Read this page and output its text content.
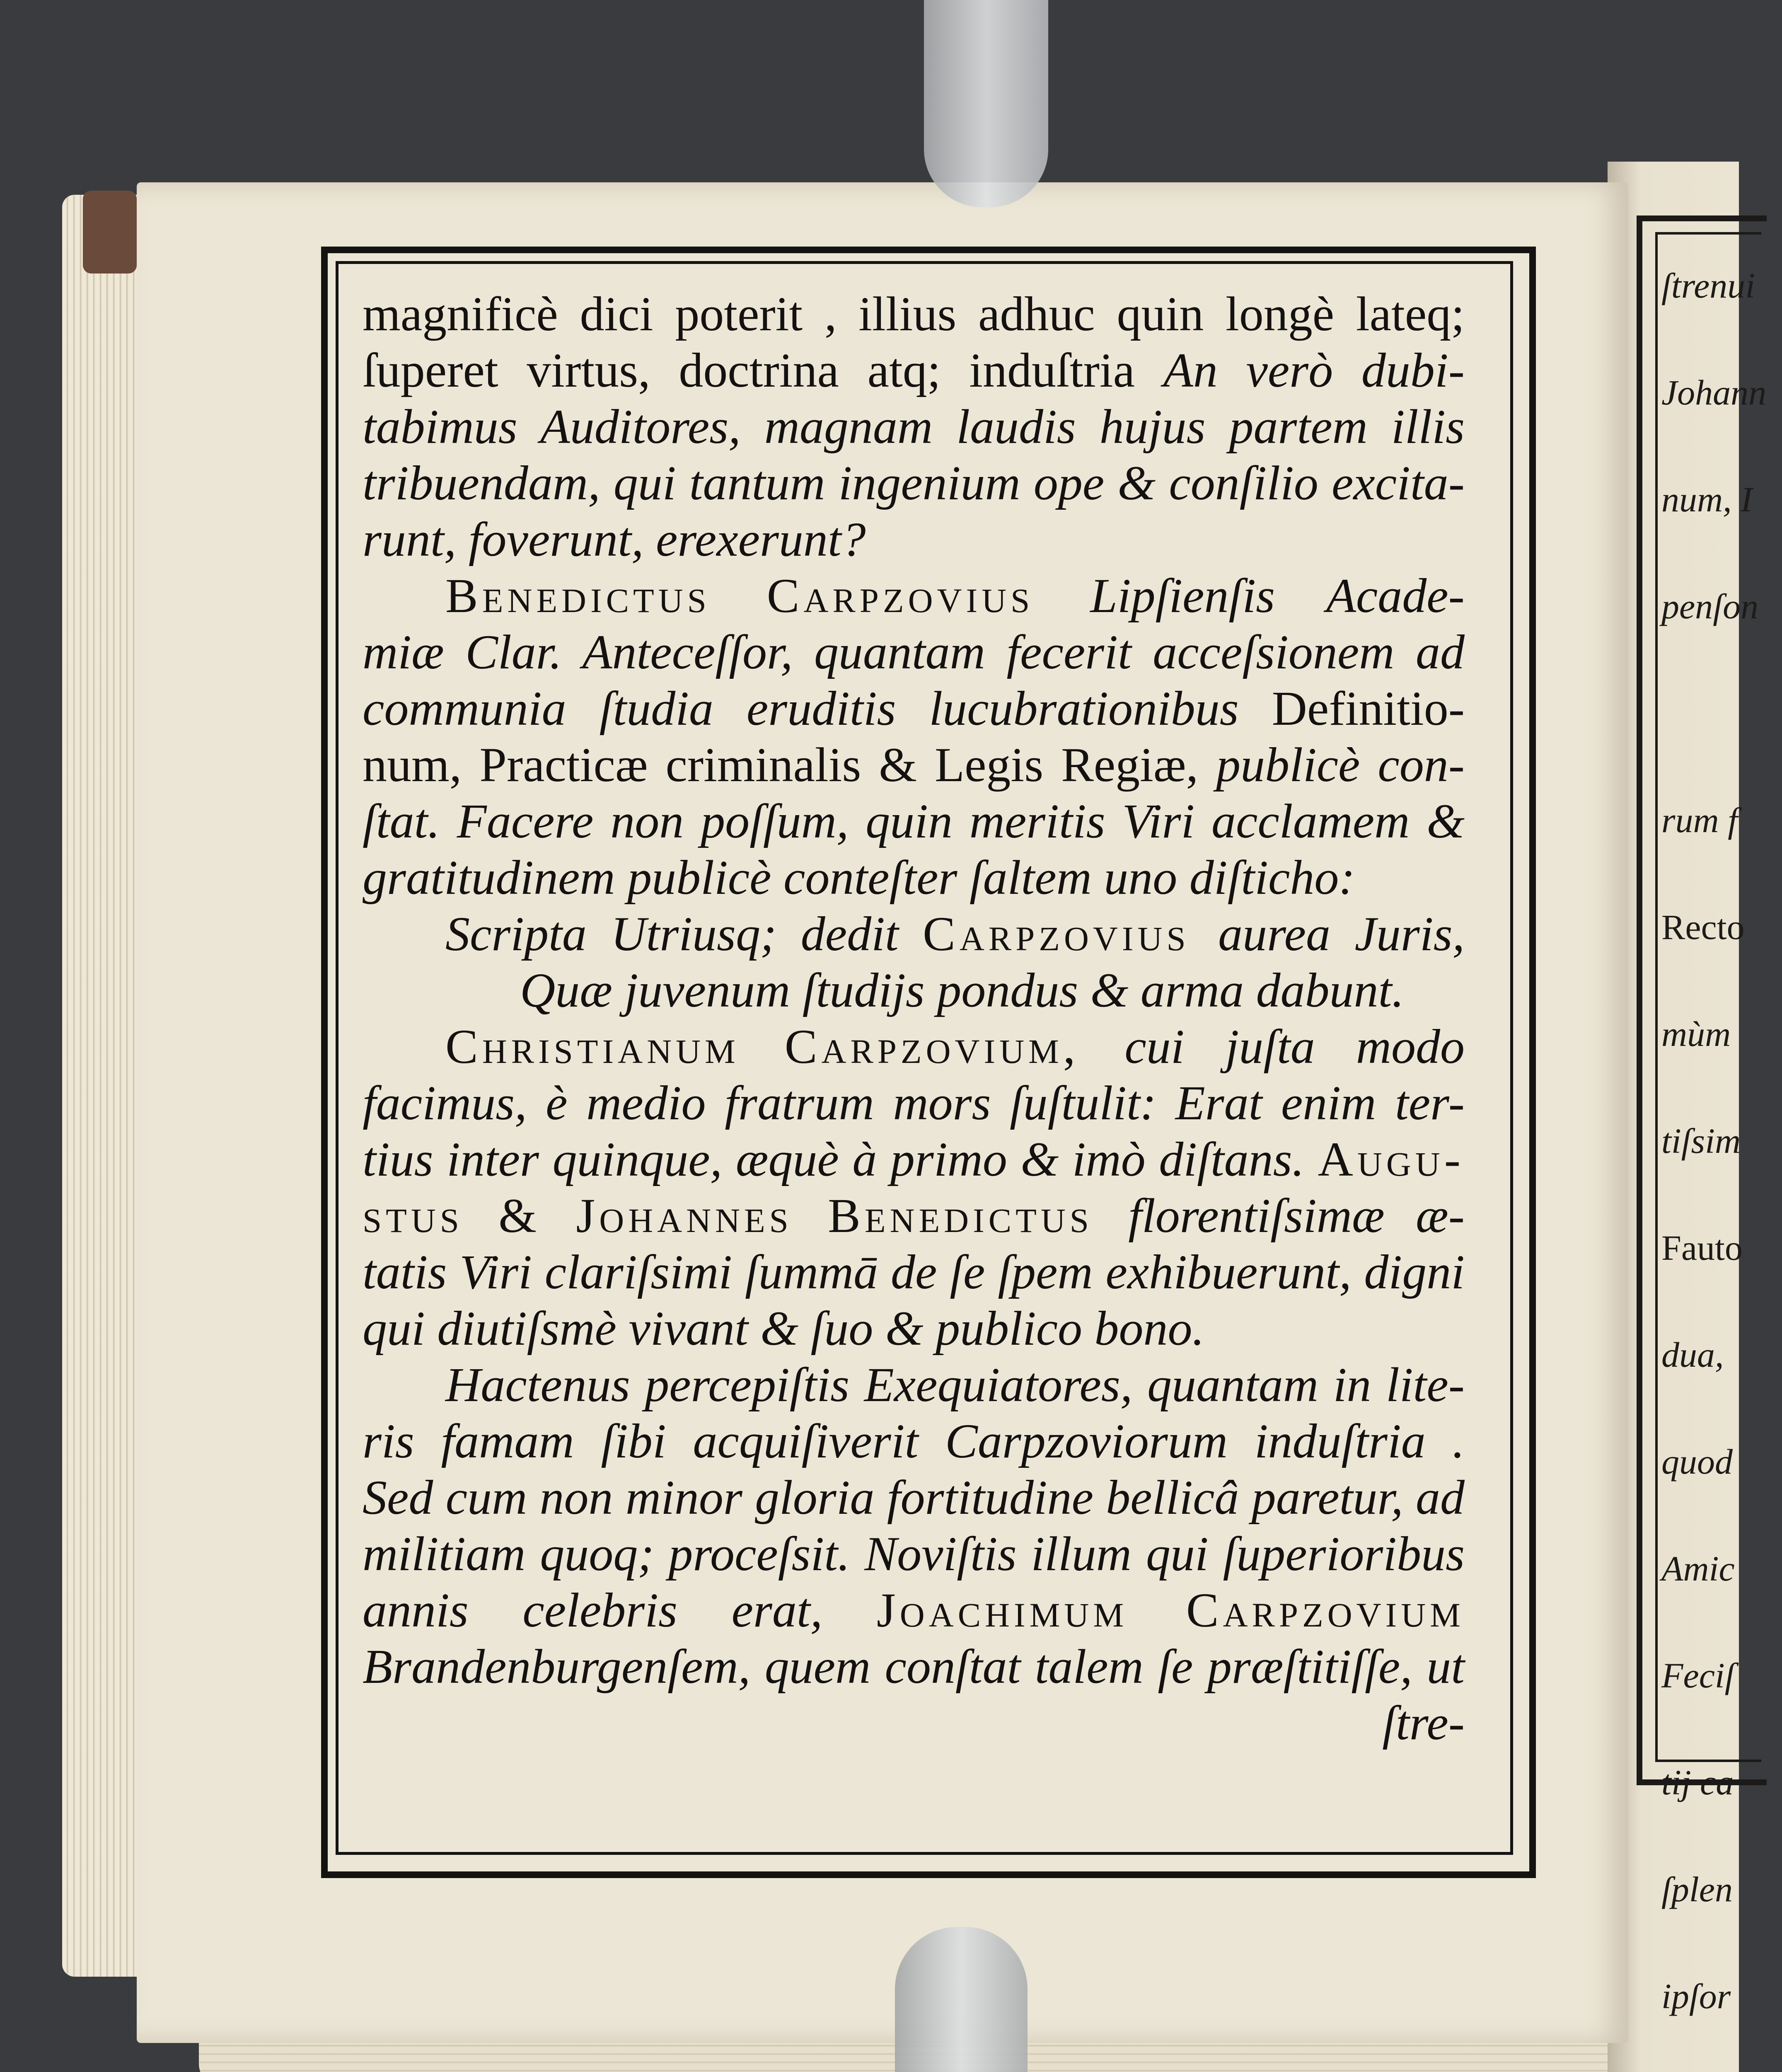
ſtrenui
Johann
num, I
penſon
rum f
Recto
mùm
tiſsim
Fauto
dua,
quod
Amic
Feciſ
tij ca
ſplen
ipſor
magnificè dici poterit , illius adhuc quin longè lateq;
ſuperet virtus, doctrina atq; induſtria An verò dubi-
tabimus Auditores, magnam laudis hujus partem illis
tribuendam, qui tantum ingenium ope & conſilio excita-
runt, foverunt, erexerunt?
Benedictus Carpzovius Lipſienſis Acade-
miæ Clar. Anteceſſor, quantam fecerit acceſsionem ad
communia ſtudia eruditis lucubrationibus Definitio-
num, Practicæ criminalis & Legis Regiæ, publicè con-
ſtat. Facere non poſſum, quin meritis Viri acclamem &
gratitudinem publicè conteſter ſaltem uno diſticho:
Scripta Utriusq; dedit Carpzovius aurea Juris,
Quæ juvenum ſtudijs pondus & arma dabunt.
Christianum Carpzovium, cui juſta modo
facimus, è medio fratrum mors ſuſtulit: Erat enim ter-
tius inter quinque, æquè à primo & imò diſtans. Augu-
stus & Johannes Benedictus florentiſsimæ æ-
tatis Viri clariſsimi ſummā de ſe ſpem exhibuerunt, digni
qui diutiſsmè vivant & ſuo & publico bono.
Hactenus percepiſtis Exequiatores, quantam in lite-
ris famam ſibi acquiſiverit Carpzoviorum induſtria .
Sed cum non minor gloria fortitudine bellicâ paretur, ad
militiam quoq; proceſsit. Noviſtis illum qui ſuperioribus
annis celebris erat, Joachimum Carpzovium
Brandenburgenſem, quem conſtat talem ſe præſtitiſſe, ut
ſtre-
